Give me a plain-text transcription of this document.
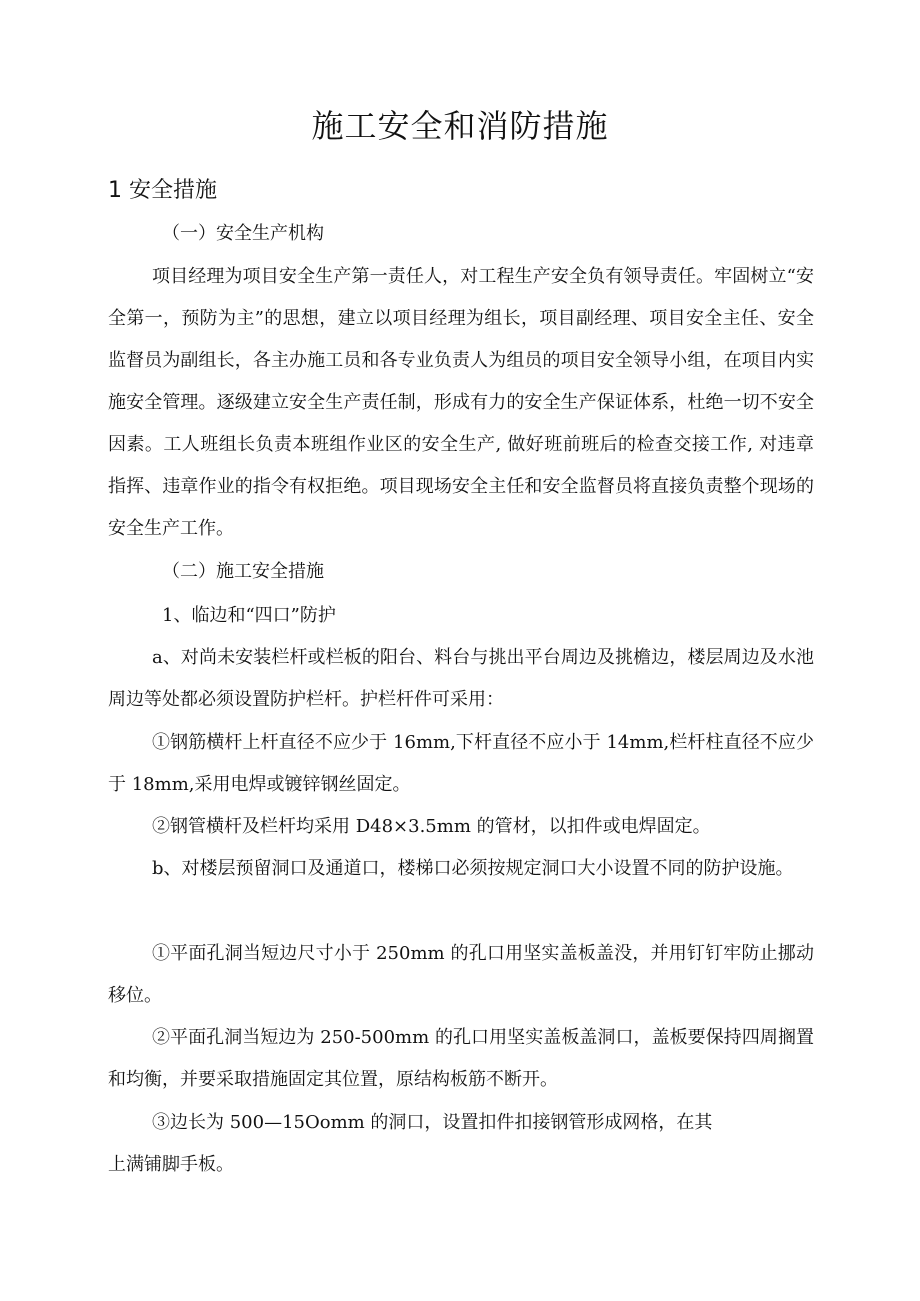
施工安全和消防措施
1 安全措施
（一）安全生产机构
项目经理为项目安全生产第一责任人，对工程生产安全负有领导责任。牢固树立“安全第一，预防为主”的思想，建立以项目经理为组长，项目副经理、项目安全主任、安全监督员为副组长，各主办施工员和各专业负责人为组员的项目安全领导小组，在项目内实施安全管理。逐级建立安全生产责任制，形成有力的安全生产保证体系，杜绝一切不安全因素。工人班组长负责本班组作业区的安全生产, 做好班前班后的检查交接工作, 对违章指挥、违章作业的指令有权拒绝。项目现场安全主任和安全监督员将直接负责整个现场的安全生产工作。
（二）施工安全措施
1、临边和“四口”防护
a、对尚未安装栏杆或栏板的阳台、料台与挑出平台周边及挑檐边，楼层周边及水池周边等处都必须设置防护栏杆。护栏杆件可采用：
①钢筋横杆上杆直径不应少于 16mm,下杆直径不应小于 14mm,栏杆柱直径不应少于 18mm,采用电焊或镀锌钢丝固定。
②钢管横杆及栏杆均采用 D48×3.5mm 的管材，以扣件或电焊固定。
b、对楼层预留洞口及通道口，楼梯口必须按规定洞口大小设置不同的防护设施。
①平面孔洞当短边尺寸小于 250mm 的孔口用坚实盖板盖没，并用钉钉牢防止挪动移位。
②平面孔洞当短边为 250-500mm 的孔口用坚实盖板盖洞口，盖板要保持四周搁置和均衡，并要采取措施固定其位置，原结构板筋不断开。
③边长为 500—15Oomm 的洞口，设置扣件扣接钢管形成网格，在其
上满铺脚手板。
